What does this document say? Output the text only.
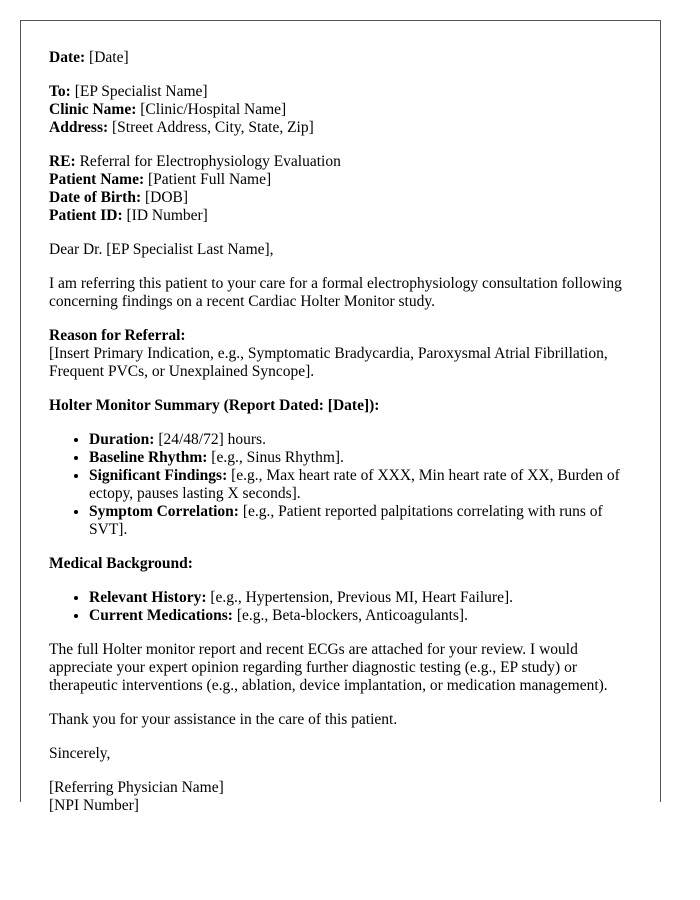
Date: [Date]

To: [EP Specialist Name]
Clinic Name: [Clinic/Hospital Name]
Address: [Street Address, City, State, Zip]

RE: Referral for Electrophysiology Evaluation
Patient Name: [Patient Full Name]
Date of Birth: [DOB]
Patient ID: [ID Number]

Dear Dr. [EP Specialist Last Name],

I am referring this patient to your care for a formal electrophysiology consultation following concerning findings on a recent Cardiac Holter Monitor study.

Reason for Referral:
[Insert Primary Indication, e.g., Symptomatic Bradycardia, Paroxysmal Atrial Fibrillation, Frequent PVCs, or Unexplained Syncope].

Holter Monitor Summary (Report Dated: [Date]):

• Duration: [24/48/72] hours.
• Baseline Rhythm: [e.g., Sinus Rhythm].
• Significant Findings: [e.g., Max heart rate of XXX, Min heart rate of XX, Burden of ectopy, pauses lasting X seconds].
• Symptom Correlation: [e.g., Patient reported palpitations correlating with runs of SVT].

Medical Background:

• Relevant History: [e.g., Hypertension, Previous MI, Heart Failure].
• Current Medications: [e.g., Beta-blockers, Anticoagulants].

The full Holter monitor report and recent ECGs are attached for your review. I would appreciate your expert opinion regarding further diagnostic testing (e.g., EP study) or therapeutic interventions (e.g., ablation, device implantation, or medication management).

Thank you for your assistance in the care of this patient.

Sincerely,

[Referring Physician Name]
[NPI Number]
